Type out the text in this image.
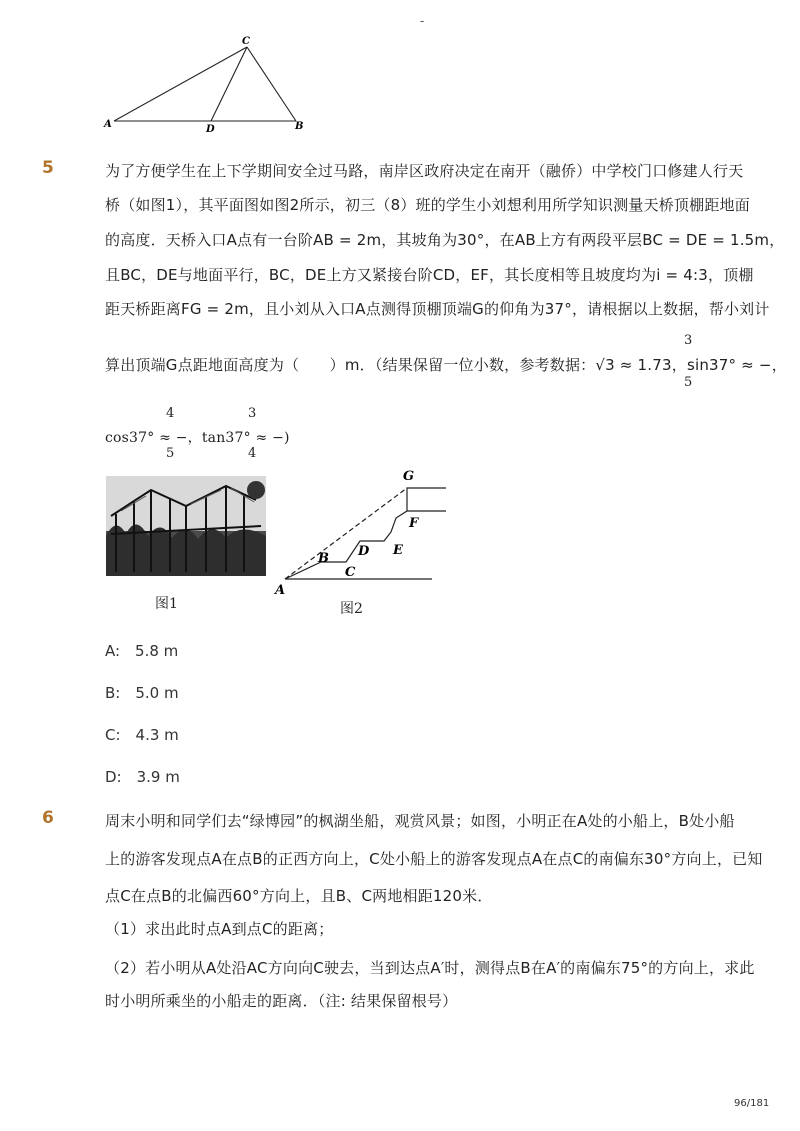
-
A	B
C
D
5	为了方便学生在上下学期间安全过马路，南岸区政府决定在南开（融侨）中学校门口修建人行天
桥（如图1），其平面图如图2所示，初三（8）班的学生小刘想利用所学知识测量天桥顶棚距地面
的高度．天桥入口A点有一台阶AB = 2m，其坡角为30°，在AB上方有两段平层BC = DE = 1.5m，
且BC，DE与地面平行，BC，DE上方又紧接台阶CD，EF，其长度相等且坡度均为i = 4:3，顶棚
距天桥距离FG = 2m，且小刘从入口A点测得顶棚顶端G的仰角为37°，请根据以上数据，帮小刘计
算出顶端G点距地面高度为（　　）m．（结果保留一位小数，参考数据：√3 ≈ 1.73，sin37° ≈ −，
3
5
cos37° ≈ −，tan37° ≈ −)
4
5
3
4
图1
A
B
C
D E
F
G
图2
A:　5.8 m
B:　5.0 m
C:　4.3 m
D:　3.9 m
6	周末小明和同学们去“绿博园”的枫湖坐船，观赏风景；如图，小明正在A处的小船上，B处小船
上的游客发现点A在点B的正西方向上，C处小船上的游客发现点A在点C的南偏东30°方向上，已知
点C在点B的北偏西60°方向上，且B、C两地相距120米．
（1）求出此时点A到点C的距离；
（2）若小明从A处沿AC方向向C驶去，当到达点A′时，测得点B在A′的南偏东75°的方向上，求此
时小明所乘坐的小船走的距离．（注: 结果保留根号）
96/181
